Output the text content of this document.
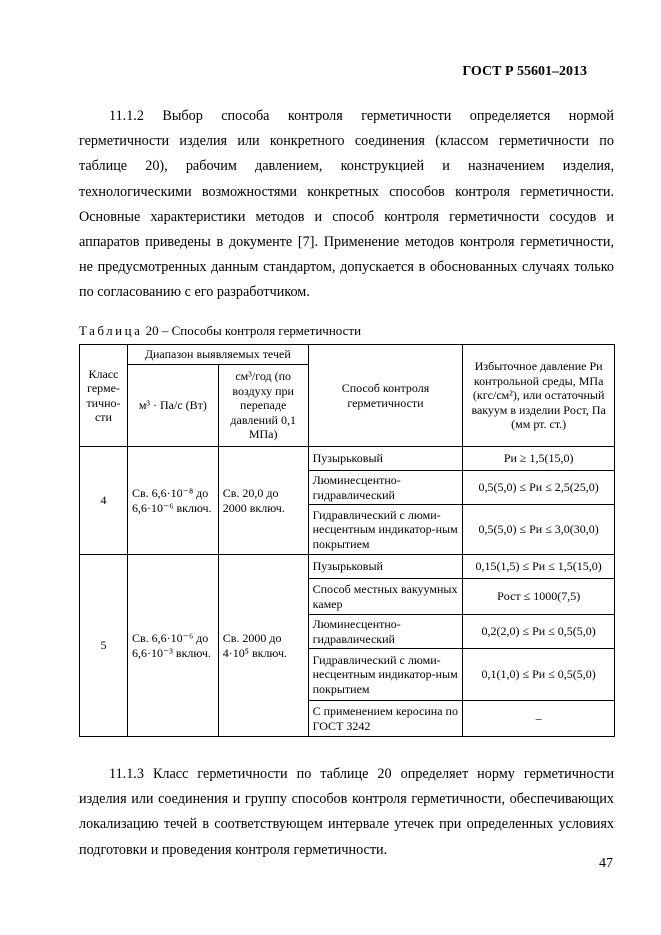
ГОСТ Р 55601–2013
11.1.2 Выбор способа контроля герметичности определяется нормой герметичности изделия или конкретного соединения (классом герметичности по таблице 20), рабочим давлением, конструкцией и назначением изделия, технологическими возможностями конкретных способов контроля герметичности. Основные характеристики методов и способ контроля герметичности сосудов и аппаратов приведены в документе [7]. Применение методов контроля герметичности, не предусмотренных данным стандартом, допускается в обоснованных случаях только по согласованию с его разработчиком.
Таблица 20 – Способы контроля герметичности
Класс герме-тично-сти	Диапазон выявляемых течей		Способ контроля герметичности	Избыточное давление Pи контрольной среды, МПа (кгс/см²), или остаточный вакуум в изделии Pост, Па (мм рт. ст.)
	м³ · Па/с (Вт)	см³/год (по воздуху при перепаде давлений 0,1 МПа)		
4	Св. 6,6·10⁻⁸ до 6,6·10⁻⁶ включ.	Св. 20,0 до 2000 включ.	Пузырьковый	Pи ≥ 1,5(15,0)
			Люминесцентно-гидравлический	0,5(5,0) ≤ Pи ≤ 2,5(25,0)
			Гидравлический с люми-несцентным индикатор-ным покрытием	0,5(5,0) ≤ Pи ≤ 3,0(30,0)
5	Св. 6,6·10⁻⁶ до 6,6·10⁻³ включ.	Св. 2000 до 4·10⁵ включ.	Пузырьковый	0,15(1,5) ≤ Pи ≤ 1,5(15,0)
			Способ местных вакуумных камер	Pост ≤ 1000(7,5)
			Люминесцентно-гидравлический	0,2(2,0) ≤ Pи ≤ 0,5(5,0)
			Гидравлический с люми-несцентным индикатор-ным покрытием	0,1(1,0) ≤ Pи ≤ 0,5(5,0)
			С применением керосина по ГОСТ 3242	–
11.1.3 Класс герметичности по таблице 20 определяет норму герметичности изделия или соединения и группу способов контроля герметичности, обеспечивающих локализацию течей в соответствующем интервале утечек при определенных условиях подготовки и проведения контроля герметичности.
47
